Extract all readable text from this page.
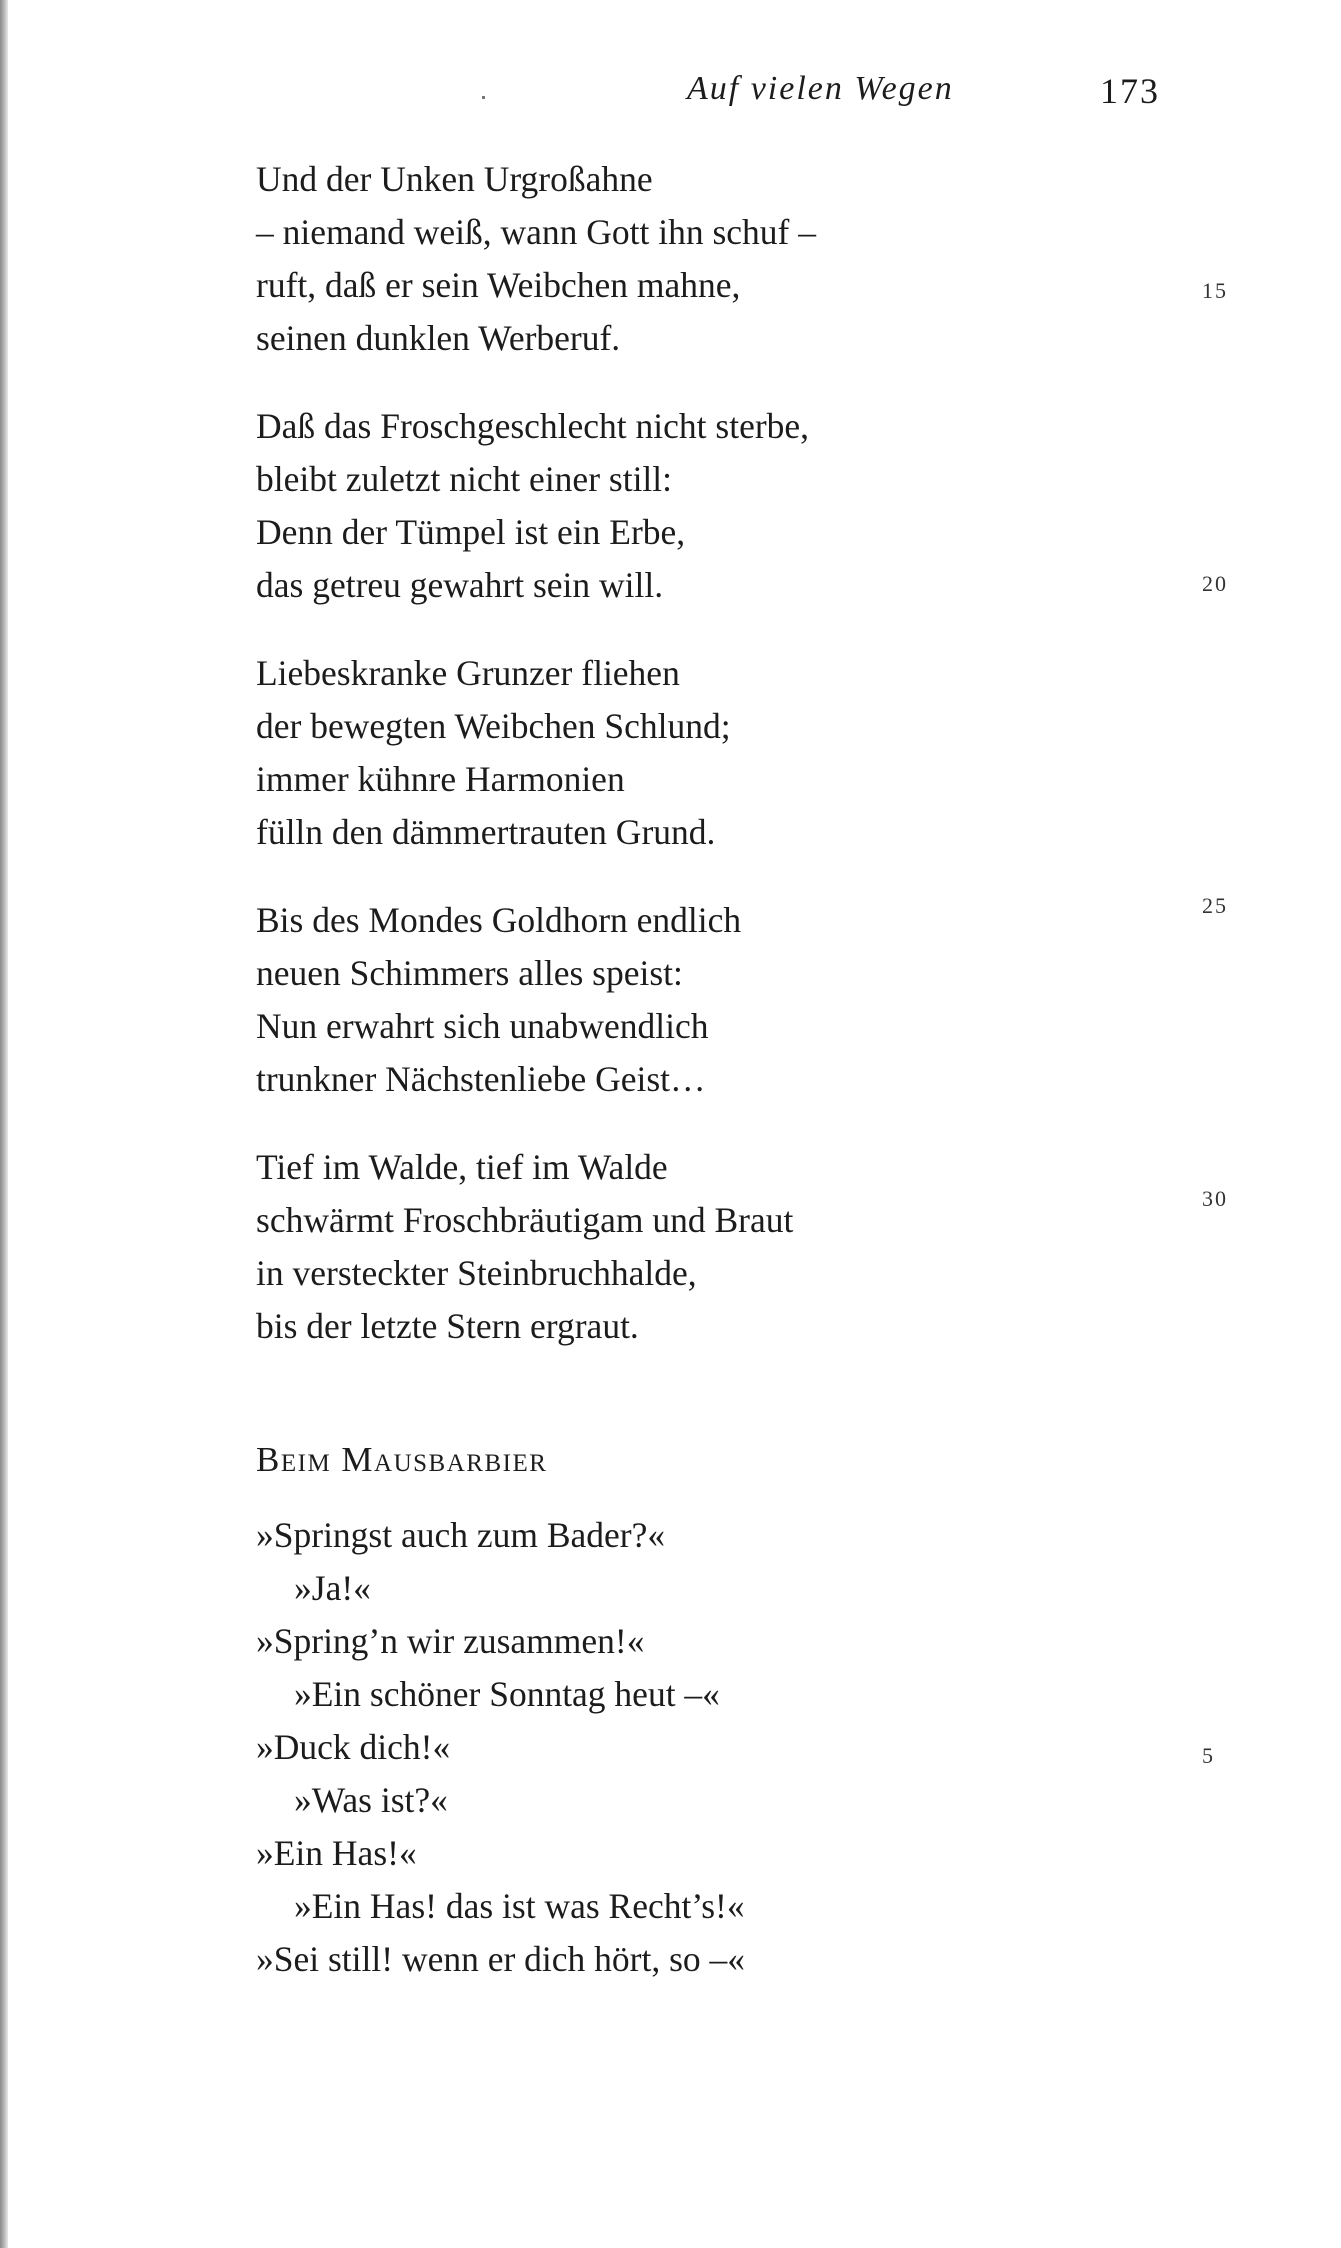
Auf vielen Wegen	173
Und der Unken Urgroßahne
– niemand weiß, wann Gott ihn schuf –
ruft, daß er sein Weibchen mahne,
seinen dunklen Werberuf.
Daß das Froschgeschlecht nicht sterbe,
bleibt zuletzt nicht einer still:
Denn der Tümpel ist ein Erbe,
das getreu gewahrt sein will.
Liebeskranke Grunzer fliehen
der bewegten Weibchen Schlund;
immer kühnre Harmonien
fülln den dämmertrauten Grund.
Bis des Mondes Goldhorn endlich
neuen Schimmers alles speist:
Nun erwahrt sich unabwendlich
trunkner Nächstenliebe Geist…
Tief im Walde, tief im Walde
schwärmt Froschbräutigam und Braut
in versteckter Steinbruchhalde,
bis der letzte Stern ergraut.
15
20
25
30
Beim Mausbarbier
»Springst auch zum Bader?«
»Ja!«
»Spring’n wir zusammen!«
»Ein schöner Sonntag heut –«
»Duck dich!«
»Was ist?«
»Ein Has!«
»Ein Has! das ist was Recht’s!«
»Sei still! wenn er dich hört, so –«
5
